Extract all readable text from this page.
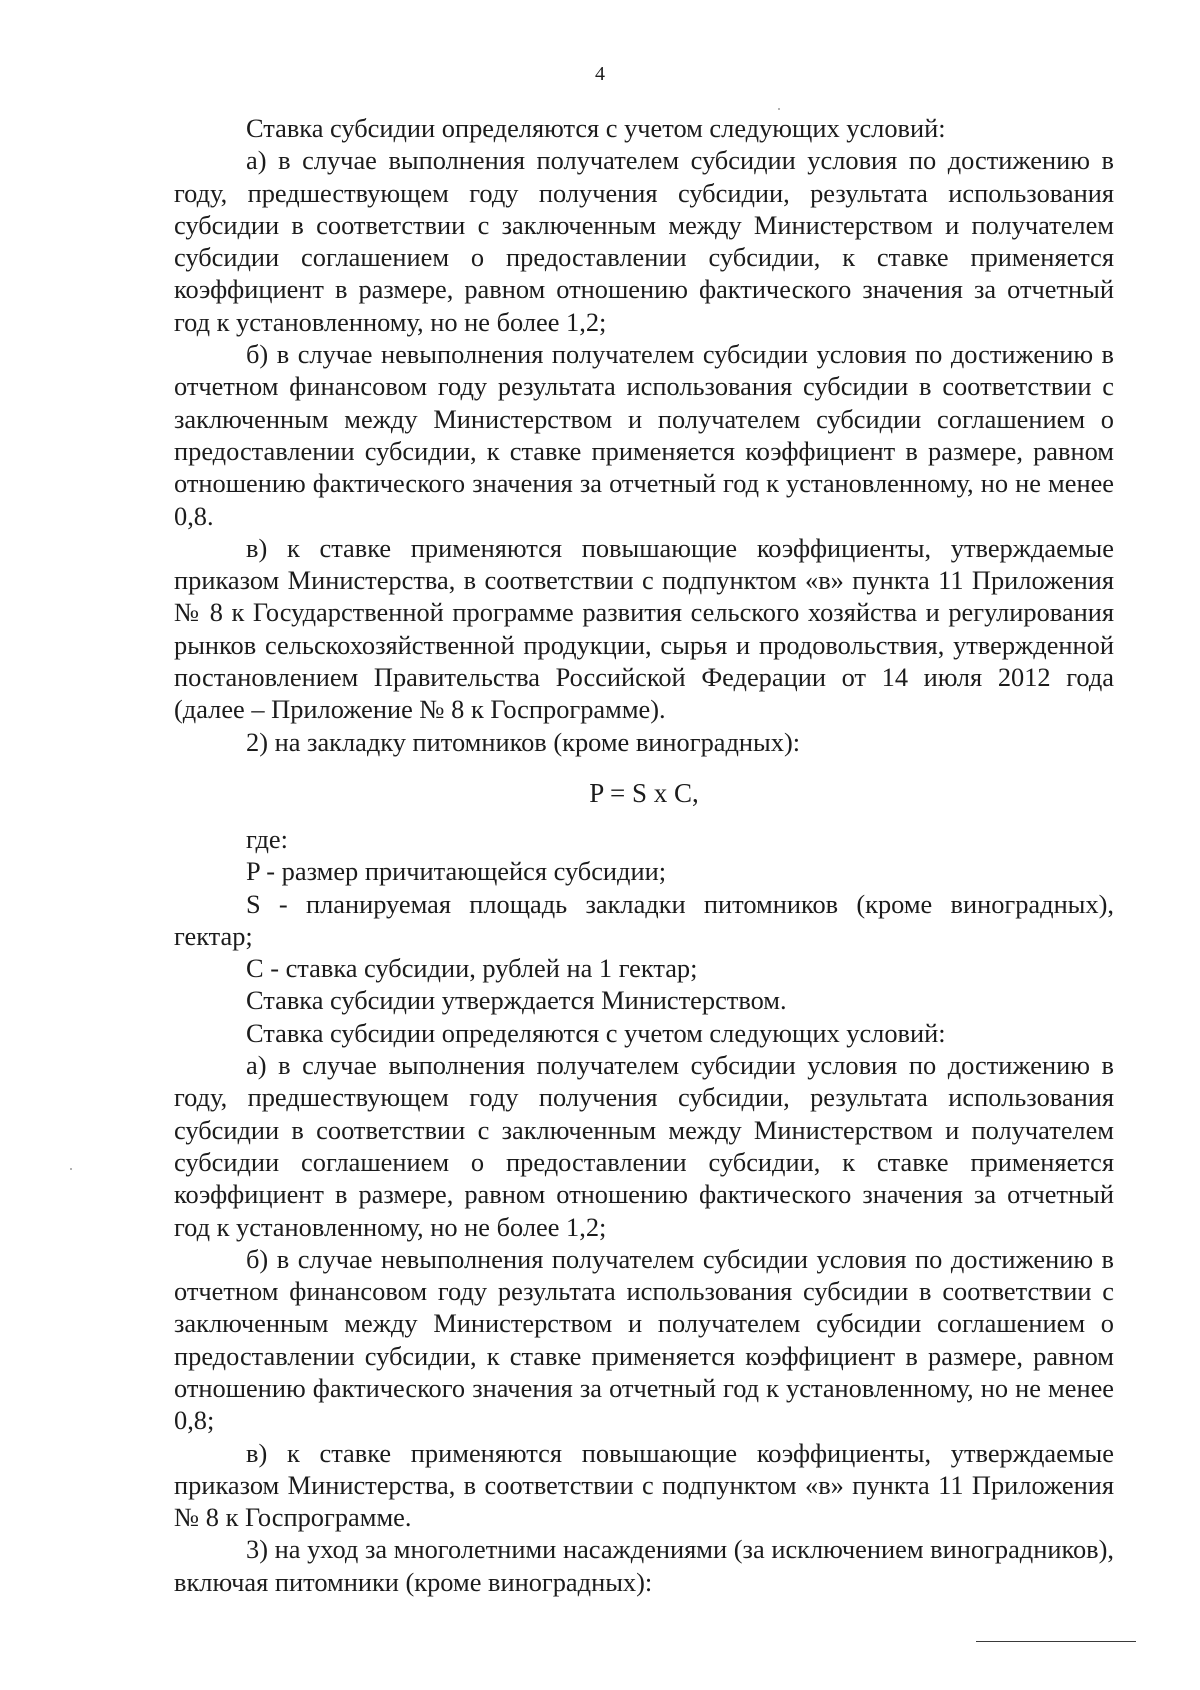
4

Ставка субсидии определяются с учетом следующих условий:

а) в случае выполнения получателем субсидии условия по достижению в году, предшествующем году получения субсидии, результата использования субсидии в соответствии с заключенным между Министерством и получателем субсидии соглашением о предоставлении субсидии, к ставке применяется коэффициент в размере, равном отношению фактического значения за отчетный год к установленному, но не более 1,2;

б) в случае невыполнения получателем субсидии условия по достижению в отчетном финансовом году результата использования субсидии в соответствии с заключенным между Министерством и получателем субсидии соглашением о предоставлении субсидии, к ставке применяется коэффициент в размере, равном отношению фактического значения за отчетный год к установленному, но не менее 0,8.

в) к ставке применяются повышающие коэффициенты, утверждаемые приказом Министерства, в соответствии с подпунктом «в» пункта 11 Приложения № 8 к Государственной программе развития сельского хозяйства и регулирования рынков сельскохозяйственной продукции, сырья и продовольствия, утвержденной постановлением Правительства Российской Федерации от 14 июля 2012 года (далее – Приложение № 8 к Госпрограмме).

2) на закладку питомников (кроме виноградных):

P = S x C,

где:

P - размер причитающейся субсидии;

S - планируемая площадь закладки питомников (кроме виноградных), гектар;

C - ставка субсидии, рублей на 1 гектар;

Ставка субсидии утверждается Министерством.

Ставка субсидии определяются с учетом следующих условий:

а) в случае выполнения получателем субсидии условия по достижению в году, предшествующем году получения субсидии, результата использования субсидии в соответствии с заключенным между Министерством и получателем субсидии соглашением о предоставлении субсидии, к ставке применяется коэффициент в размере, равном отношению фактического значения за отчетный год к установленному, но не более 1,2;

б) в случае невыполнения получателем субсидии условия по достижению в отчетном финансовом году результата использования субсидии в соответствии с заключенным между Министерством и получателем субсидии соглашением о предоставлении субсидии, к ставке применяется коэффициент в размере, равном отношению фактического значения за отчетный год к установленному, но не менее 0,8;

в) к ставке применяются повышающие коэффициенты, утверждаемые приказом Министерства, в соответствии с подпунктом «в» пункта 11 Приложения № 8 к Госпрограмме.

3) на уход за многолетними насаждениями (за исключением виноградников), включая питомники (кроме виноградных):
